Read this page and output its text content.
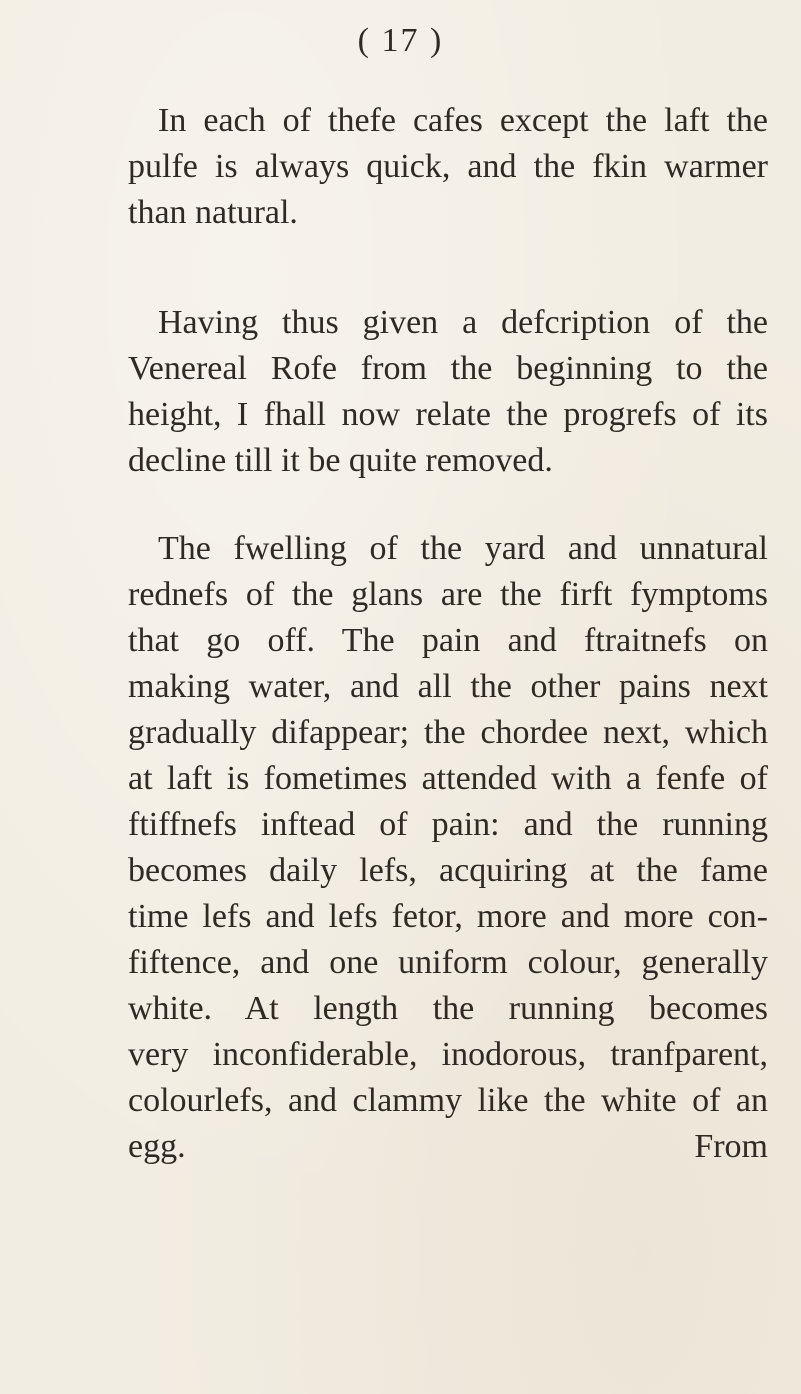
( 17 )
In each of thefe cafes except the laft the
pulfe is always quick, and the fkin warmer
than natural.
Having thus given a defcription of the
Venereal Rofe from the beginning to the
height, I fhall now relate the progrefs of its
decline till it be quite removed.
The fwelling of the yard and unnatural
rednefs of the glans are the firft fymptoms
that go off. The pain and ftraitnefs on
making water, and all the other pains next
gradually difappear; the chordee next, which
at laft is fometimes attended with a fenfe of
ftiffnefs inftead of pain: and the running
becomes daily lefs, acquiring at the fame
time lefs and lefs fetor, more and more con-
fiftence, and one uniform colour, generally
white. At length the running becomes
very inconfiderable, inodorous, tranfparent,
colourlefs, and clammy like the white of an
egg.	From
